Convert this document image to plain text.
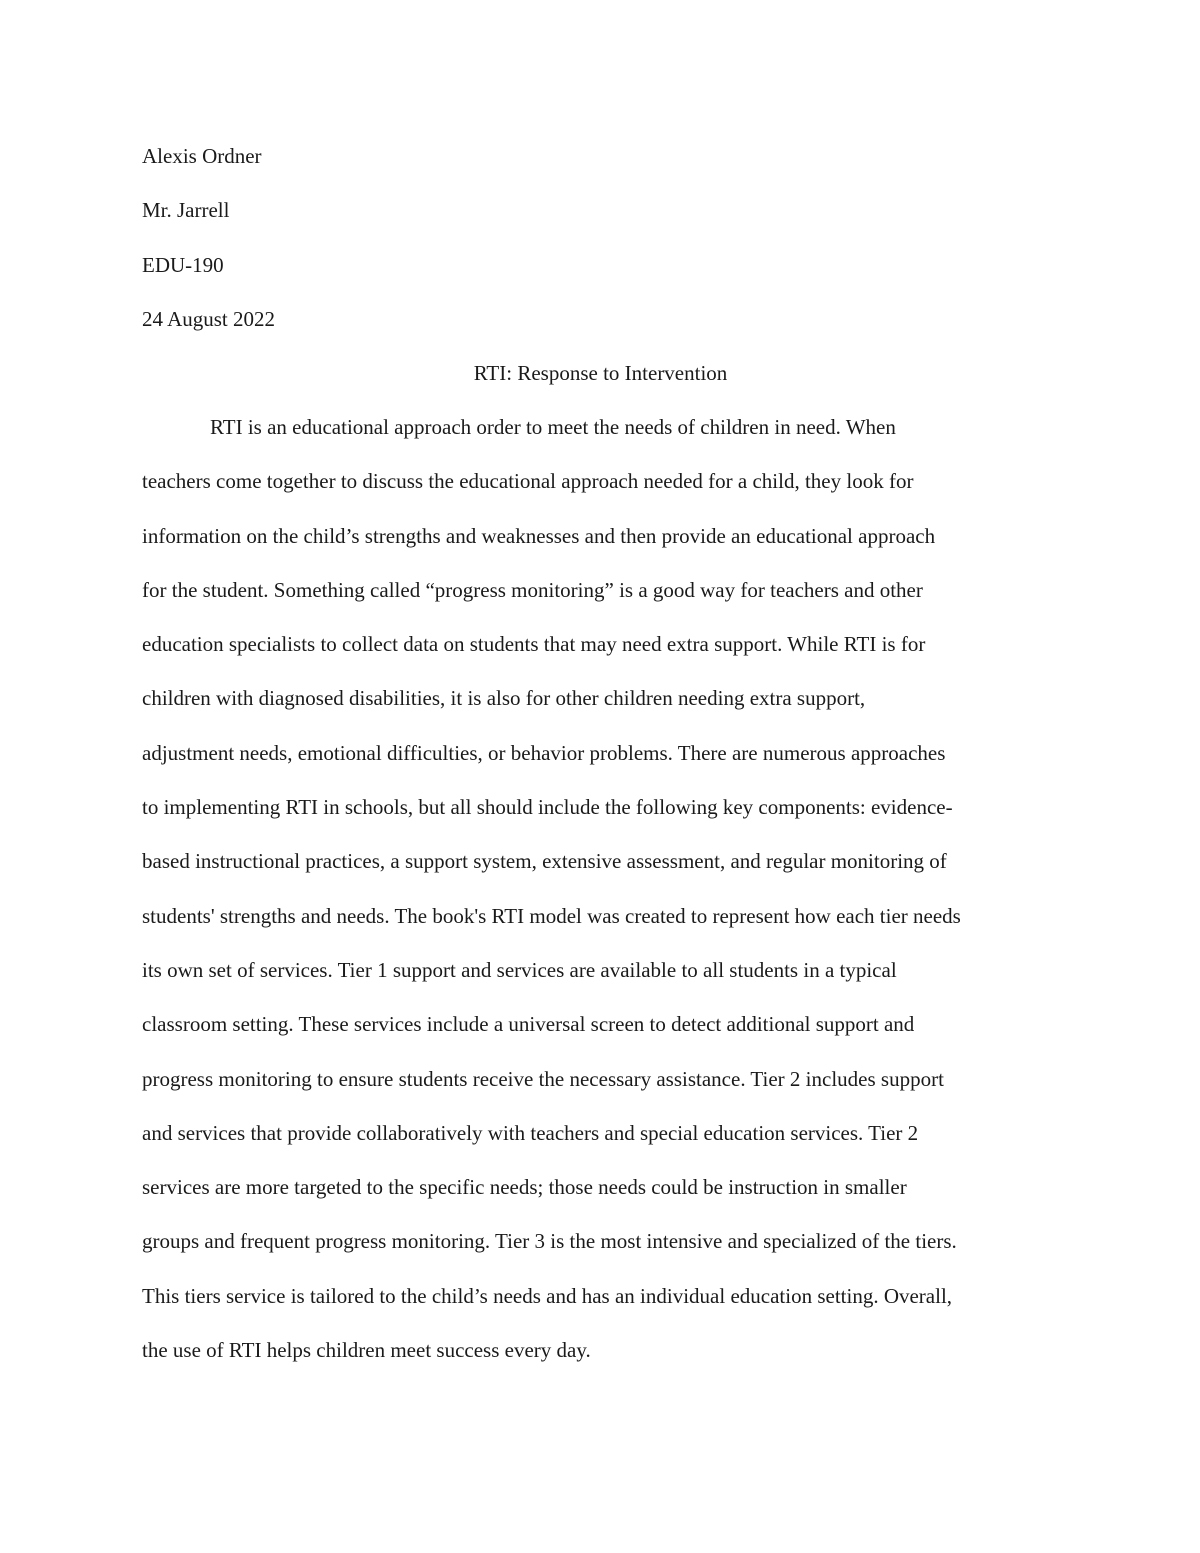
Alexis Ordner
Mr. Jarrell
EDU-190
24 August 2022
RTI: Response to Intervention
RTI is an educational approach order to meet the needs of children in need. When
teachers come together to discuss the educational approach needed for a child, they look for
information on the child’s strengths and weaknesses and then provide an educational approach
for the student. Something called “progress monitoring” is a good way for teachers and other
education specialists to collect data on students that may need extra support. While RTI is for
children with diagnosed disabilities, it is also for other children needing extra support,
adjustment needs, emotional difficulties, or behavior problems. There are numerous approaches
to implementing RTI in schools, but all should include the following key components: evidence-
based instructional practices, a support system, extensive assessment, and regular monitoring of
students' strengths and needs. The book's RTI model was created to represent how each tier needs
its own set of services. Tier 1 support and services are available to all students in a typical
classroom setting. These services include a universal screen to detect additional support and
progress monitoring to ensure students receive the necessary assistance. Tier 2 includes support
and services that provide collaboratively with teachers and special education services. Tier 2
services are more targeted to the specific needs; those needs could be instruction in smaller
groups and frequent progress monitoring. Tier 3 is the most intensive and specialized of the tiers.
This tiers service is tailored to the child’s needs and has an individual education setting. Overall,
the use of RTI helps children meet success every day.
